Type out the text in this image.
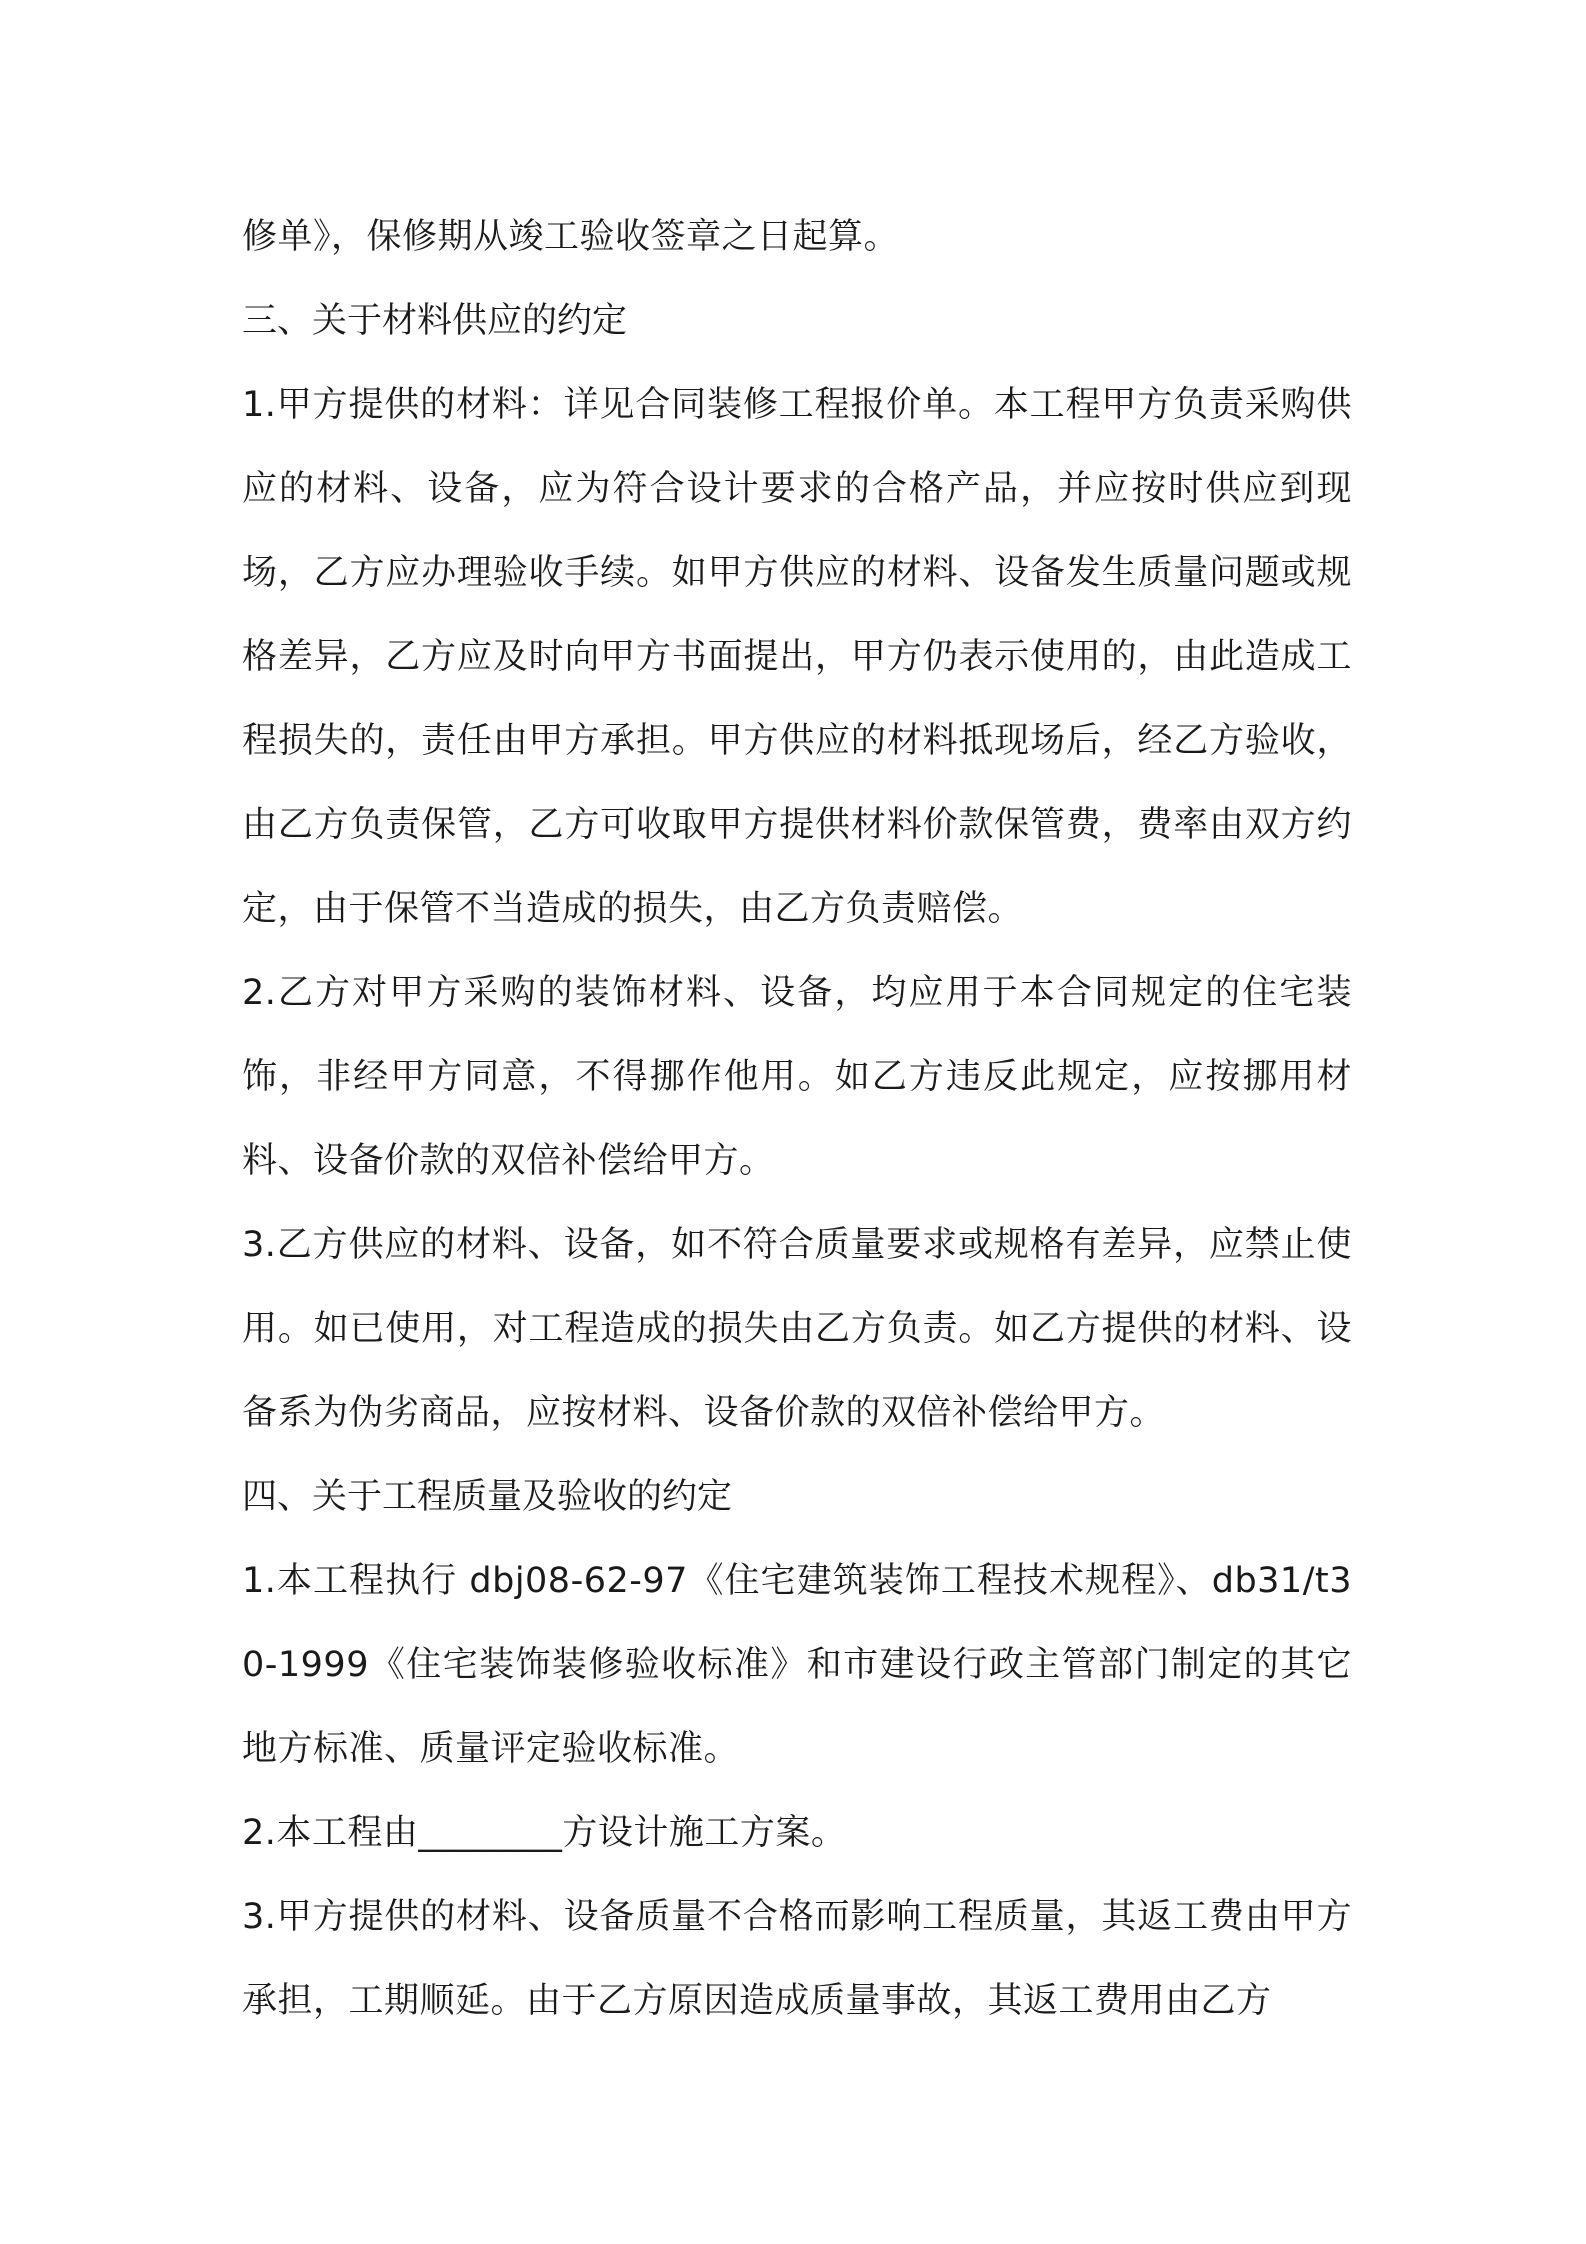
修单》，保修期从竣工验收签章之日起算。

三、关于材料供应的约定

1.甲方提供的材料：详见合同装修工程报价单。本工程甲方负责采购供应的材料、设备，应为符合设计要求的合格产品，并应按时供应到现场，乙方应办理验收手续。如甲方供应的材料、设备发生质量问题或规格差异，乙方应及时向甲方书面提出，甲方仍表示使用的，由此造成工程损失的，责任由甲方承担。甲方供应的材料抵现场后，经乙方验收，由乙方负责保管，乙方可收取甲方提供材料价款保管费，费率由双方约定，由于保管不当造成的损失，由乙方负责赔偿。

2.乙方对甲方采购的装饰材料、设备，均应用于本合同规定的住宅装饰，非经甲方同意，不得挪作他用。如乙方违反此规定，应按挪用材料、设备价款的双倍补偿给甲方。

3.乙方供应的材料、设备，如不符合质量要求或规格有差异，应禁止使用。如已使用，对工程造成的损失由乙方负责。如乙方提供的材料、设备系为伪劣商品，应按材料、设备价款的双倍补偿给甲方。

四、关于工程质量及验收的约定

1.本工程执行 dbj08-62-97《住宅建筑装饰工程技术规程》、db31/t30-1999《住宅装饰装修验收标准》和市建设行政主管部门制定的其它地方标准、质量评定验收标准。

2.本工程由________方设计施工方案。

3.甲方提供的材料、设备质量不合格而影响工程质量，其返工费由甲方承担，工期顺延。由于乙方原因造成质量事故，其返工费用由乙方
